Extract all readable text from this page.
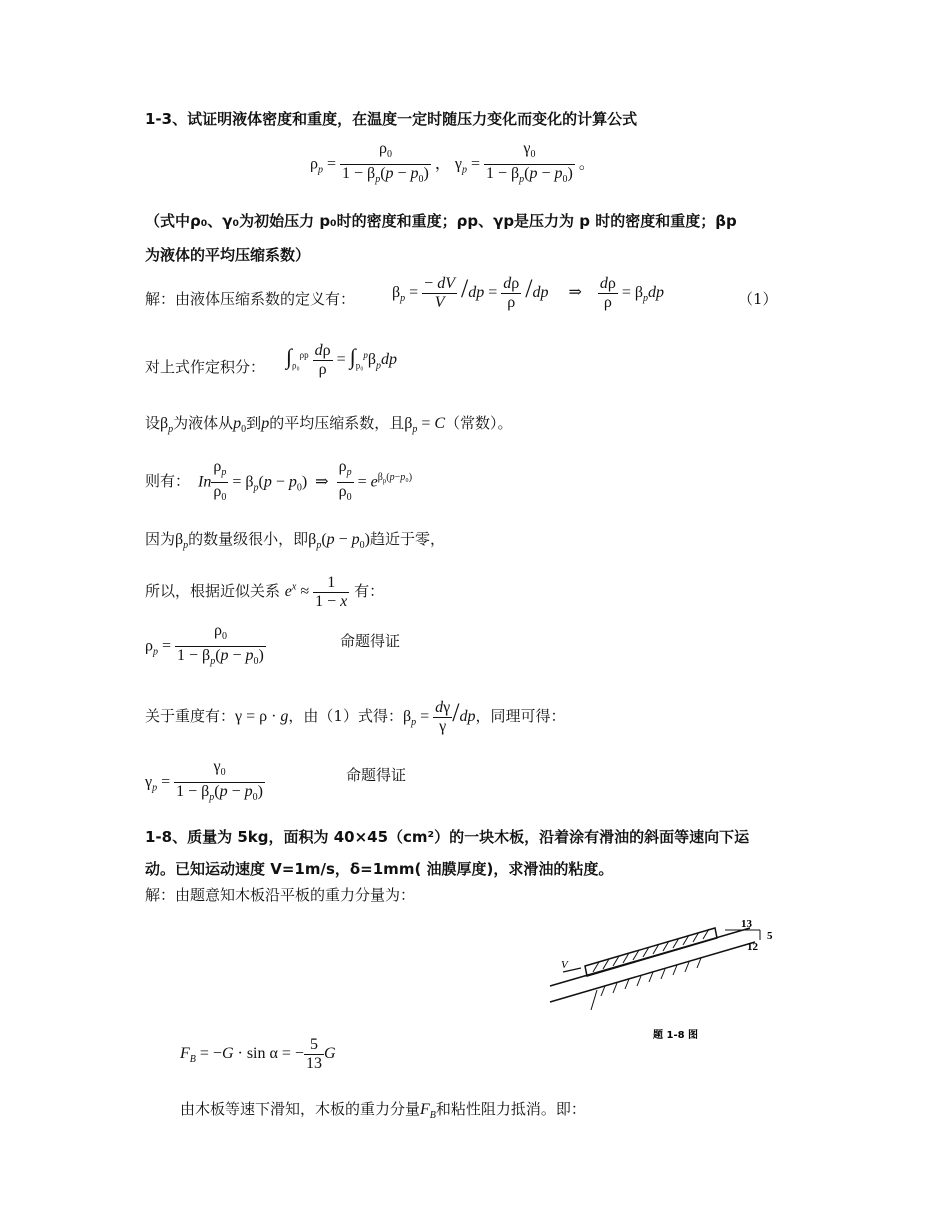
1-3、试证明液体密度和重度，在温度一定时随压力变化而变化的计算公式
$\rho_p = \frac{\rho_0}{1 - \beta_p(p - p_0)}$ ， $\gamma_p = \frac{\gamma_0}{1 - \beta_p(p - p_0)}$ 。
（式中ρ₀、γ₀为初始压力 p₀时的密度和重度；ρp、γp是压力为 p 时的密度和重度；βp
为液体的平均压缩系数）
解：由液体压缩系数的定义有： $\beta_p = \frac{- dV}{V} /dp = \frac{d\rho}{\rho} /dp$     ⇒ $\frac{d\rho}{\rho} = \beta_pdp$	（1）
对上式作定积分： $\int_{\rho_0}^{\rho p} \frac{d\rho}{\rho} = \int_{p_0}^p\beta_pdp$
设$\beta_p$为液体从$p_0$到p的平均压缩系数，且$\beta_p = C$（常数）。
则有： In $\frac{\rho_p}{\rho_0} = \beta_p(p - p_0)$  ⇒ $\frac{\rho_p}{\rho_0} = e^{\beta_p(p-p_0)}$
因为$\beta_p$的数量级很小，即$\beta_p(p - p_0)$趋近于零，
所以，根据近似关系 $e^x \approx \frac{1}{1 - x}$ 有：
$\rho_p = \frac{\rho_0}{1 - \beta_p(p - p_0)}$	命题得证
关于重度有：γ = ρ · g，由（1）式得：$\beta_p = \frac{d\gamma}{\gamma} /dp$，同理可得：
$\gamma_p = \frac{\gamma_0}{1 - \beta_p(p - p_0)}$	命题得证
1-8、质量为 5kg，面积为 40×45（cm²）的一块木板，沿着涂有滑油的斜面等速向下运
动。已知运动速度 V=1m/s，δ=1mm( 油膜厚度)，求滑油的粘度。
解：由题意知木板沿平板的重力分量为：
V
13
12
5
题 1-8 图
$F_B = -G \cdot \sin \alpha$ = − $\frac{5}{13}$ G
由木板等速下滑知，木板的重力分量$F_B$和粘性阻力抵消。即：
